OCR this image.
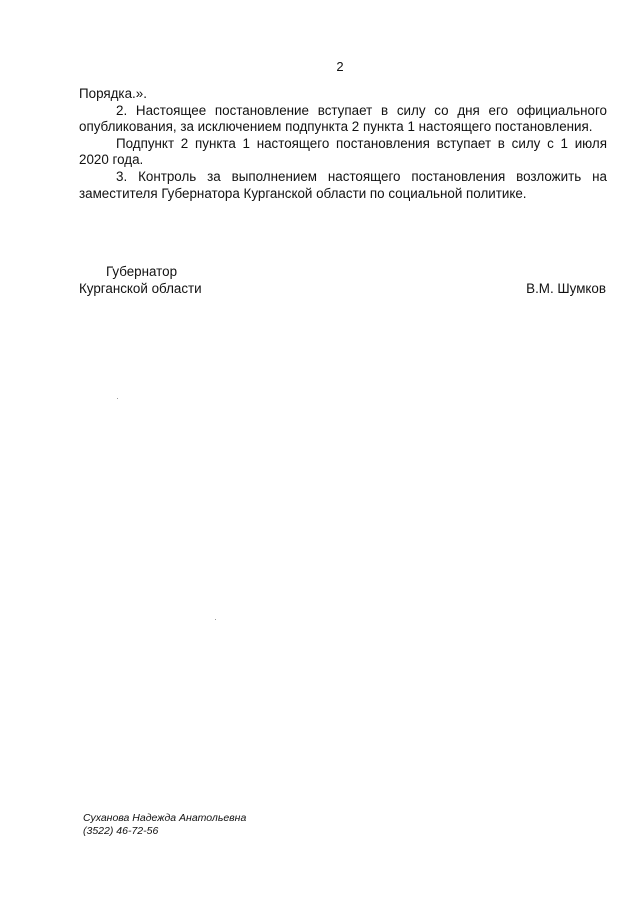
2

Порядка.».

2. Настоящее постановление вступает в силу со дня его официального опубликования, за исключением подпункта 2 пункта 1 настоящего постановления.

Подпункт 2 пункта 1 настоящего постановления вступает в силу с 1 июля 2020 года.

3. Контроль за выполнением настоящего постановления возложить на заместителя Губернатора Курганской области по социальной политике.

Губернатор
Курганской области	В.М. Шумков
Суханова Надежда Анатольевна
(3522) 46-72-56
